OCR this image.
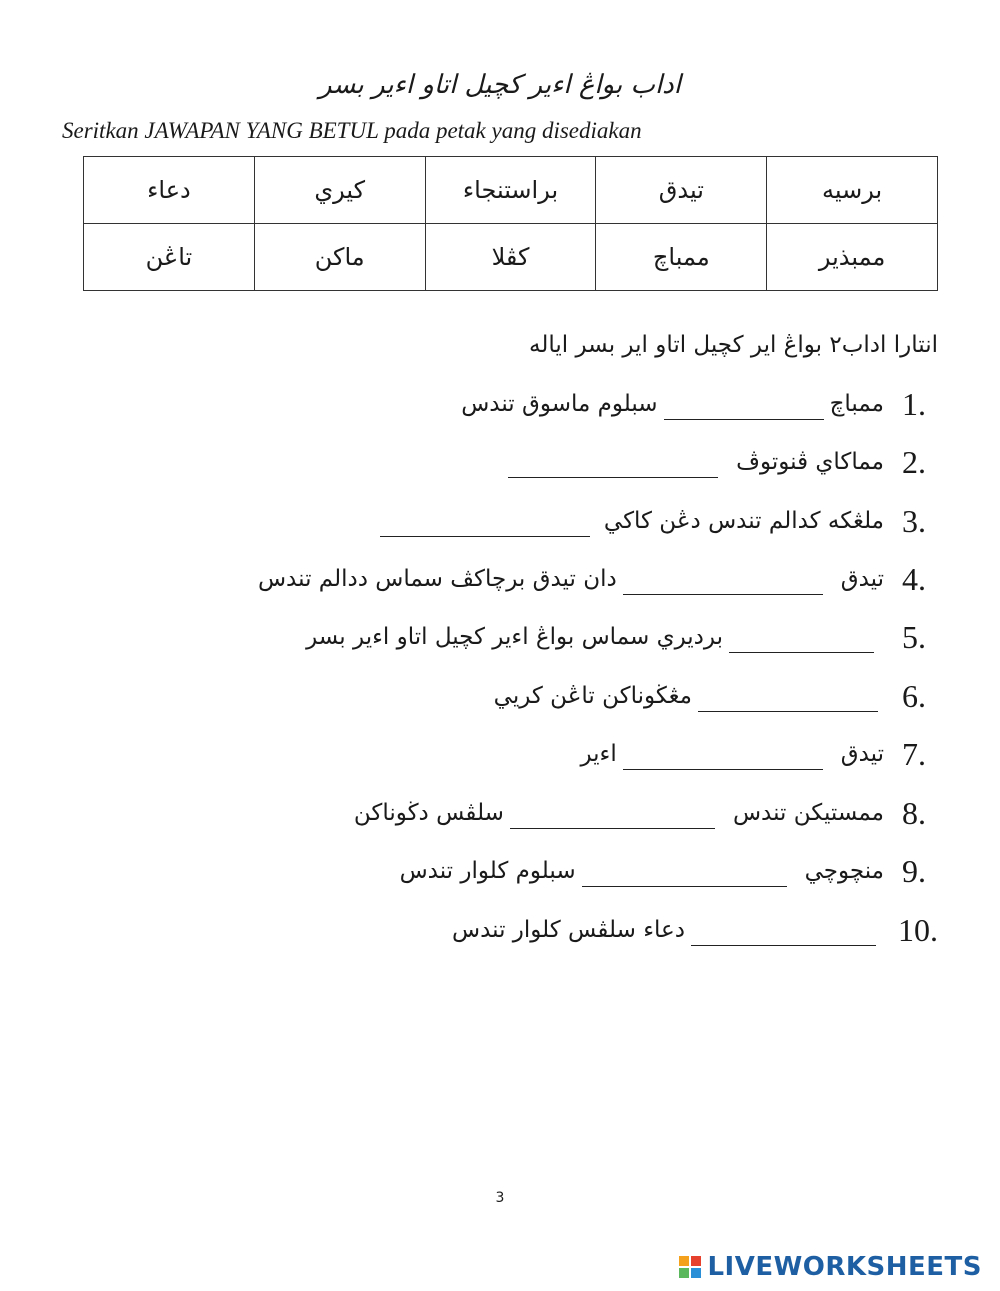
اداب بواڠ اءير كچيل اتاو اءير بسر
Seritkan JAWAPAN YANG BETUL pada petak yang disediakan
برسيه	تيدق	براستنجاء	كيري	دعاء
ممبذير	ممباچ	كڤلا	ماكن	تاڠن
انتارا اداب٢ بواڠ اير كچيل اتاو اير بسر اياله
1.
ممباچ
سبلوم ماسوق تندس
2.
مماكاي ڤنوتوڤ
3.
ملڠكه كدالم تندس دڠن كاكي
4.
تيدق
دان تيدق برچاكڤ سماس ددالم تندس
5.
برديري سماس بواڠ اءير كچيل اتاو اءير بسر
6.
مڠڬوناكن تاڠن كريي
7.
تيدق
اءير
8.
ممستيكن تندس
سلڤس دڬوناكن
9.
منچوچي
سبلوم كلوار تندس
10.
دعاء سلڤس كلوار تندس
3
LIVEWORKSHEETS
